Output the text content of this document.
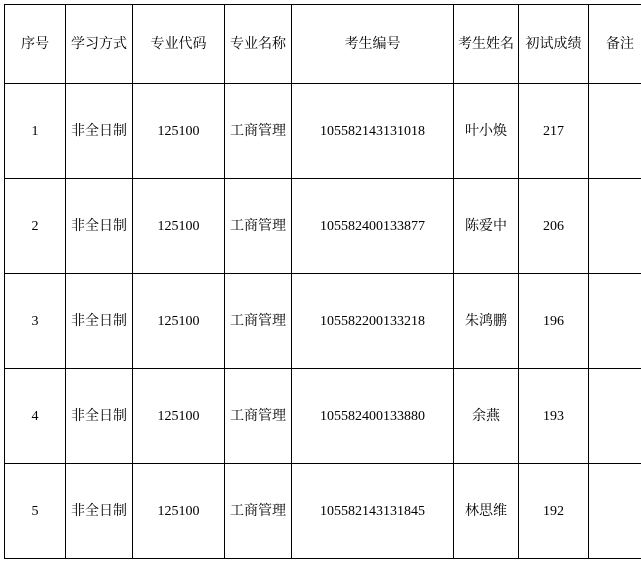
序号	学习方式	专业代码	专业名称	考生编号	考生姓名	初试成绩	备注
1	非全日制	125100	工商管理	105582143131018	叶小焕	217	
2	非全日制	125100	工商管理	105582400133877	陈爱中	206	
3	非全日制	125100	工商管理	105582200133218	朱鸿鹏	196	
4	非全日制	125100	工商管理	105582400133880	余燕	193	
5	非全日制	125100	工商管理	105582143131845	林思维	192	
